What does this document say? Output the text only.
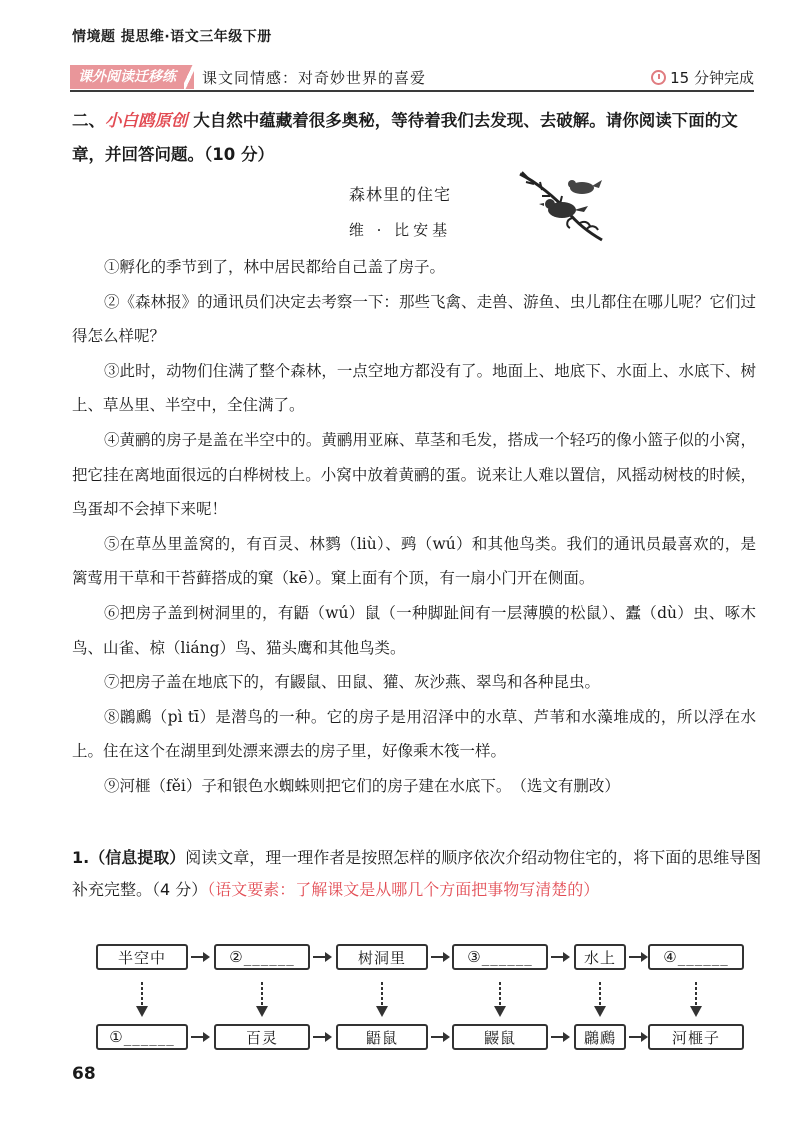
情境题 提思维·语文三年级下册
课外阅读迁移练	课文同情感：对奇妙世界的喜爱	15 分钟完成
二、小白鸥原创 大自然中蕴藏着很多奥秘，等待着我们去发现、去破解。请你阅读下面的文章，并回答问题。（10 分）
森林里的住宅
维 · 比安基

①孵化的季节到了，林中居民都给自己盖了房子。

②《森林报》的通讯员们决定去考察一下：那些飞禽、走兽、游鱼、虫儿都住在哪儿呢？它们过得怎么样呢？

③此时，动物们住满了整个森林，一点空地方都没有了。地面上、地底下、水面上、水底下、树上、草丛里、半空中，全住满了。

④黄鹂的房子是盖在半空中的。黄鹂用亚麻、草茎和毛发，搭成一个轻巧的像小篮子似的小窝，把它挂在离地面很远的白桦树枝上。小窝中放着黄鹂的蛋。说来让人难以置信，风摇动树枝的时候，鸟蛋却不会掉下来呢！

⑤在草丛里盖窝的，有百灵、林鹨（liù）、鹀（wú）和其他鸟类。我们的通讯员最喜欢的，是篱莺用干草和干苔藓搭成的窠（kē）。窠上面有个顶，有一扇小门开在侧面。

⑥把房子盖到树洞里的，有鼯（wú）鼠（一种脚趾间有一层薄膜的松鼠）、蠹（dù）虫、啄木鸟、山雀、椋（liáng）鸟、猫头鹰和其他鸟类。

⑦把房子盖在地底下的，有鼹鼠、田鼠、獾、灰沙燕、翠鸟和各种昆虫。

⑧鸊鷉（pì tī）是潜鸟的一种。它的房子是用沼泽中的水草、芦苇和水藻堆成的，所以浮在水上。住在这个在湖里到处漂来漂去的房子里，好像乘木筏一样。

⑨河榧（fěi）子和银色水蜘蛛则把它们的房子建在水底下。　（选文有删改）

1.（信息提取）阅读文章，理一理作者是按照怎样的顺序依次介绍动物住宅的，将下面的思维导图补充完整。（4 分）（语文要素：了解课文是从哪几个方面把事物写清楚的）
半空中	②______	树洞里	③______	水上	④______
①______	百灵	鼯鼠	鼹鼠	鸊鷉	河榧子
68
